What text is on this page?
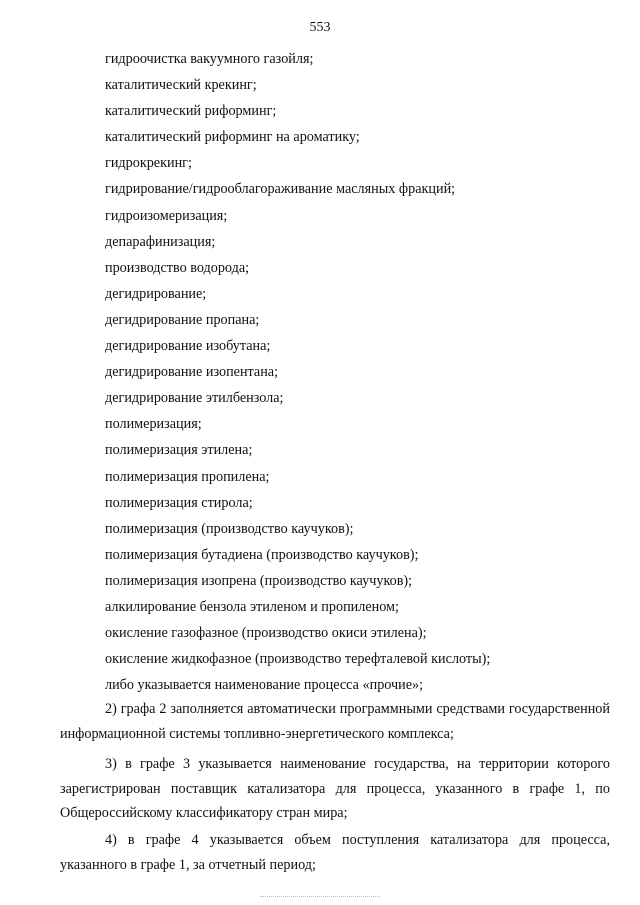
553
гидроочистка вакуумного газойля;
каталитический крекинг;
каталитический риформинг;
каталитический риформинг на ароматику;
гидрокрекинг;
гидрирование/гидрооблагораживание масляных фракций;
гидроизомеризация;
депарафинизация;
производство водорода;
дегидрирование;
дегидрирование пропана;
дегидрирование изобутана;
дегидрирование изопентана;
дегидрирование этилбензола;
полимеризация;
полимеризация этилена;
полимеризация пропилена;
полимеризация стирола;
полимеризация (производство каучуков);
полимеризация бутадиена (производство каучуков);
полимеризация изопрена (производство каучуков);
алкилирование бензола этиленом и пропиленом;
окисление газофазное (производство окиси этилена);
окисление жидкофазное (производство терефталевой кислоты);
либо указывается наименование процесса «прочие»;

2) графа 2 заполняется автоматически программными средствами государственной информационной системы топливно-энергетического комплекса;

3) в графе 3 указывается наименование государства, на территории которого зарегистрирован поставщик катализатора для процесса, указанного в графе 1, по Общероссийскому классификатору стран мира;

4) в графе 4 указывается объем поступления катализатора для процесса, указанного в графе 1, за отчетный период;
